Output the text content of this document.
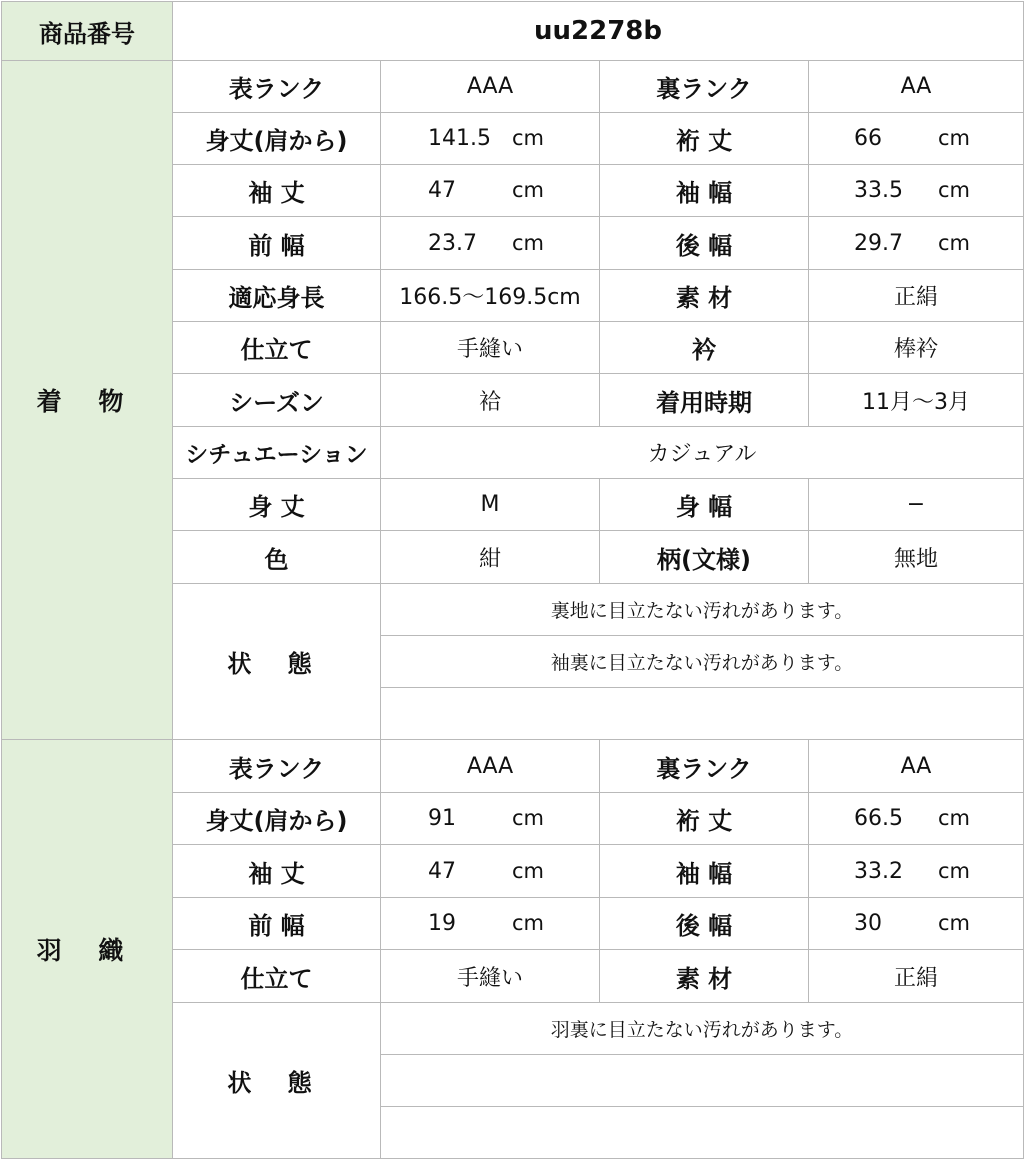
商品番号	uu2278b			
着 物	表ランク	AAA	裏ランク	AA
	身丈(肩から)	141.5 cm	裄 丈	66 cm
	袖 丈	47 cm	袖 幅	33.5 cm
	前 幅	23.7 cm	後 幅	29.7 cm
	適応身長	166.5〜169.5cm	素 材	正絹
	仕立て	手縫い	衿	棒衿
	シーズン	袷	着用時期	11月〜3月
	シチュエーション	カジュアル		
	身 丈	M	身 幅	−
	色	紺	柄(文様)	無地
	状 態	裏地に目立たない汚れがあります。		
		袖裏に目立たない汚れがあります。		

羽 織	表ランク	AAA	裏ランク	AA
	身丈(肩から)	91 cm	裄 丈	66.5 cm
	袖 丈	47 cm	袖 幅	33.2 cm
	前 幅	19 cm	後 幅	30 cm
	仕立て	手縫い	素 材	正絹
	状 態	羽裏に目立たない汚れがあります。		
